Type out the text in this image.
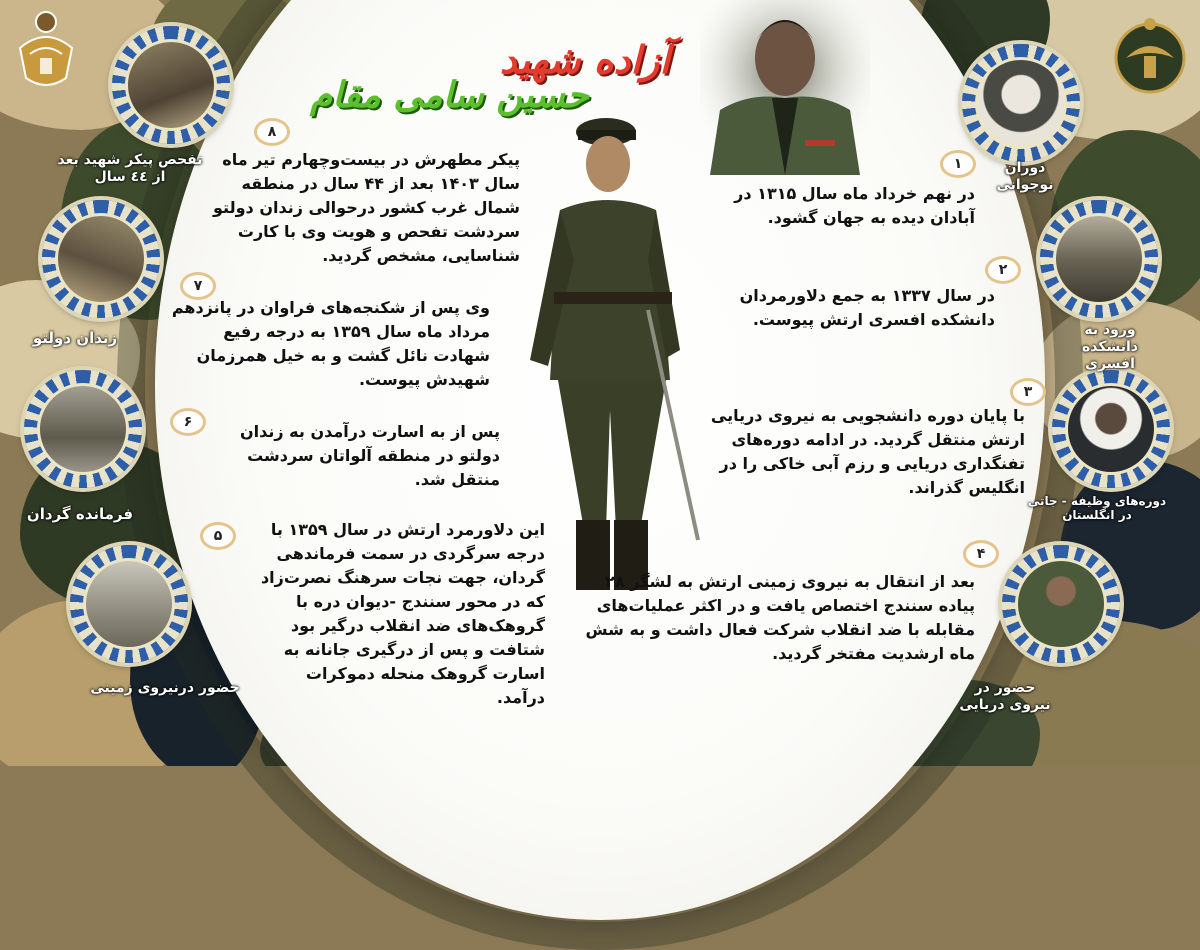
آزاده شهید
حسین سامی مقام
تفحص پیکر شهید بعد از ٤٤ سال
زندان دولتو
فرمانده گردان
حضور درنیروی زمینی
دوران نوجوانی
ورود به دانشکده افسری
دوره‌های وظیفه - جاتی در انگلستان
حضور در نیروی دریایی
۱
۲
۳
۴
۵
۶
۷
۸
در نهم خرداد ماه سال ۱۳۱۵ در آبادان دیده به جهان گشود.
در سال ۱۳۳۷ به جمع دلاورمردان دانشکده افسری ارتش پیوست.
با پایان دوره دانشجویی به نیروی دریایی ارتش منتقل گردید. در ادامه دوره‌های تفنگداری دریایی و رزم آبی خاکی را در انگلیس گذراند.
بعد از انتقال به نیروی زمینی ارتش به لشگر ۲۸ پیاده سنندج اختصاص یافت و در اکثر عملیات‌های مقابله با ضد انقلاب شرکت فعال داشت و به شش ماه ارشدیت مفتخر گردید.
این دلاورمرد ارتش در سال ۱۳۵۹ با درجه سرگردی در سمت فرماندهی گردان، جهت نجات سرهنگ نصرت‌زاد که در محور سنندج -دیوان دره با گروهک‌های ضد انقلاب درگیر بود شتافت و پس از درگیری جانانه به اسارت گروهک منحله دموکرات درآمد.
پس از به اسارت درآمدن به زندان دولتو در منطقه آلواتان سردشت منتقل شد.
وی پس از شکنجه‌های فراوان در پانزدهم مرداد ماه سال ۱۳۵۹ به درجه رفیع شهادت نائل گشت و به خیل همرزمان شهیدش پیوست.
پیکر مطهرش در بیست‌وچهارم تیر ماه سال ۱۴۰۳ بعد از ۴۴ سال در منطقه شمال غرب کشور درحوالی زندان دولتو سردشت تفحص و هویت وی با کارت شناسایی، مشخص گردید.
